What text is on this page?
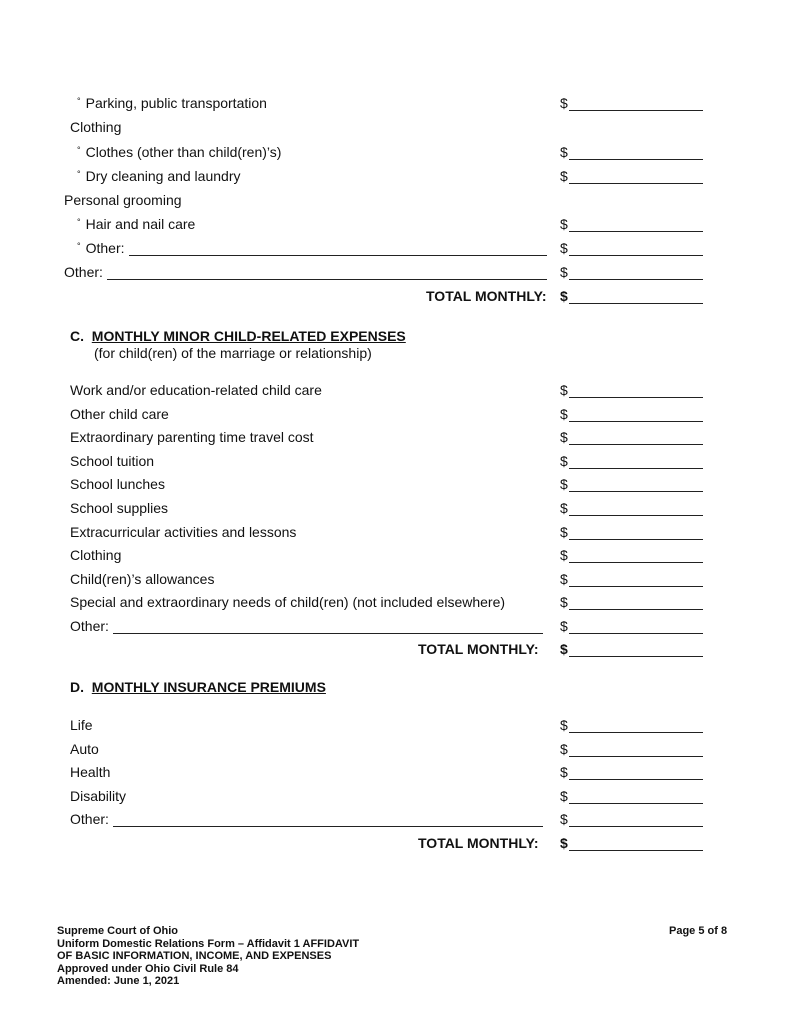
° Parking, public transportation	$
Clothing
° Clothes (other than child(ren)’s)	$
° Dry cleaning and laundry	$
Personal grooming
° Hair and nail care	$
° Other:	$
Other:	$
TOTAL MONTHLY: $
C. MONTHLY MINOR CHILD-RELATED EXPENSES
(for child(ren) of the marriage or relationship)
Work and/or education-related child care	$
Other child care	$
Extraordinary parenting time travel cost	$
School tuition	$
School lunches	$
School supplies	$
Extracurricular activities and lessons	$
Clothing	$
Child(ren)’s allowances	$
Special and extraordinary needs of child(ren) (not included elsewhere)	$
Other:	$
TOTAL MONTHLY: $
D. MONTHLY INSURANCE PREMIUMS
Life	$
Auto	$
Health	$
Disability	$
Other:	$
TOTAL MONTHLY: $
Supreme Court of Ohio
Uniform Domestic Relations Form – Affidavit 1 AFFIDAVIT
OF BASIC INFORMATION, INCOME, AND EXPENSES
Approved under Ohio Civil Rule 84
Amended: June 1, 2021
Page 5 of 8
